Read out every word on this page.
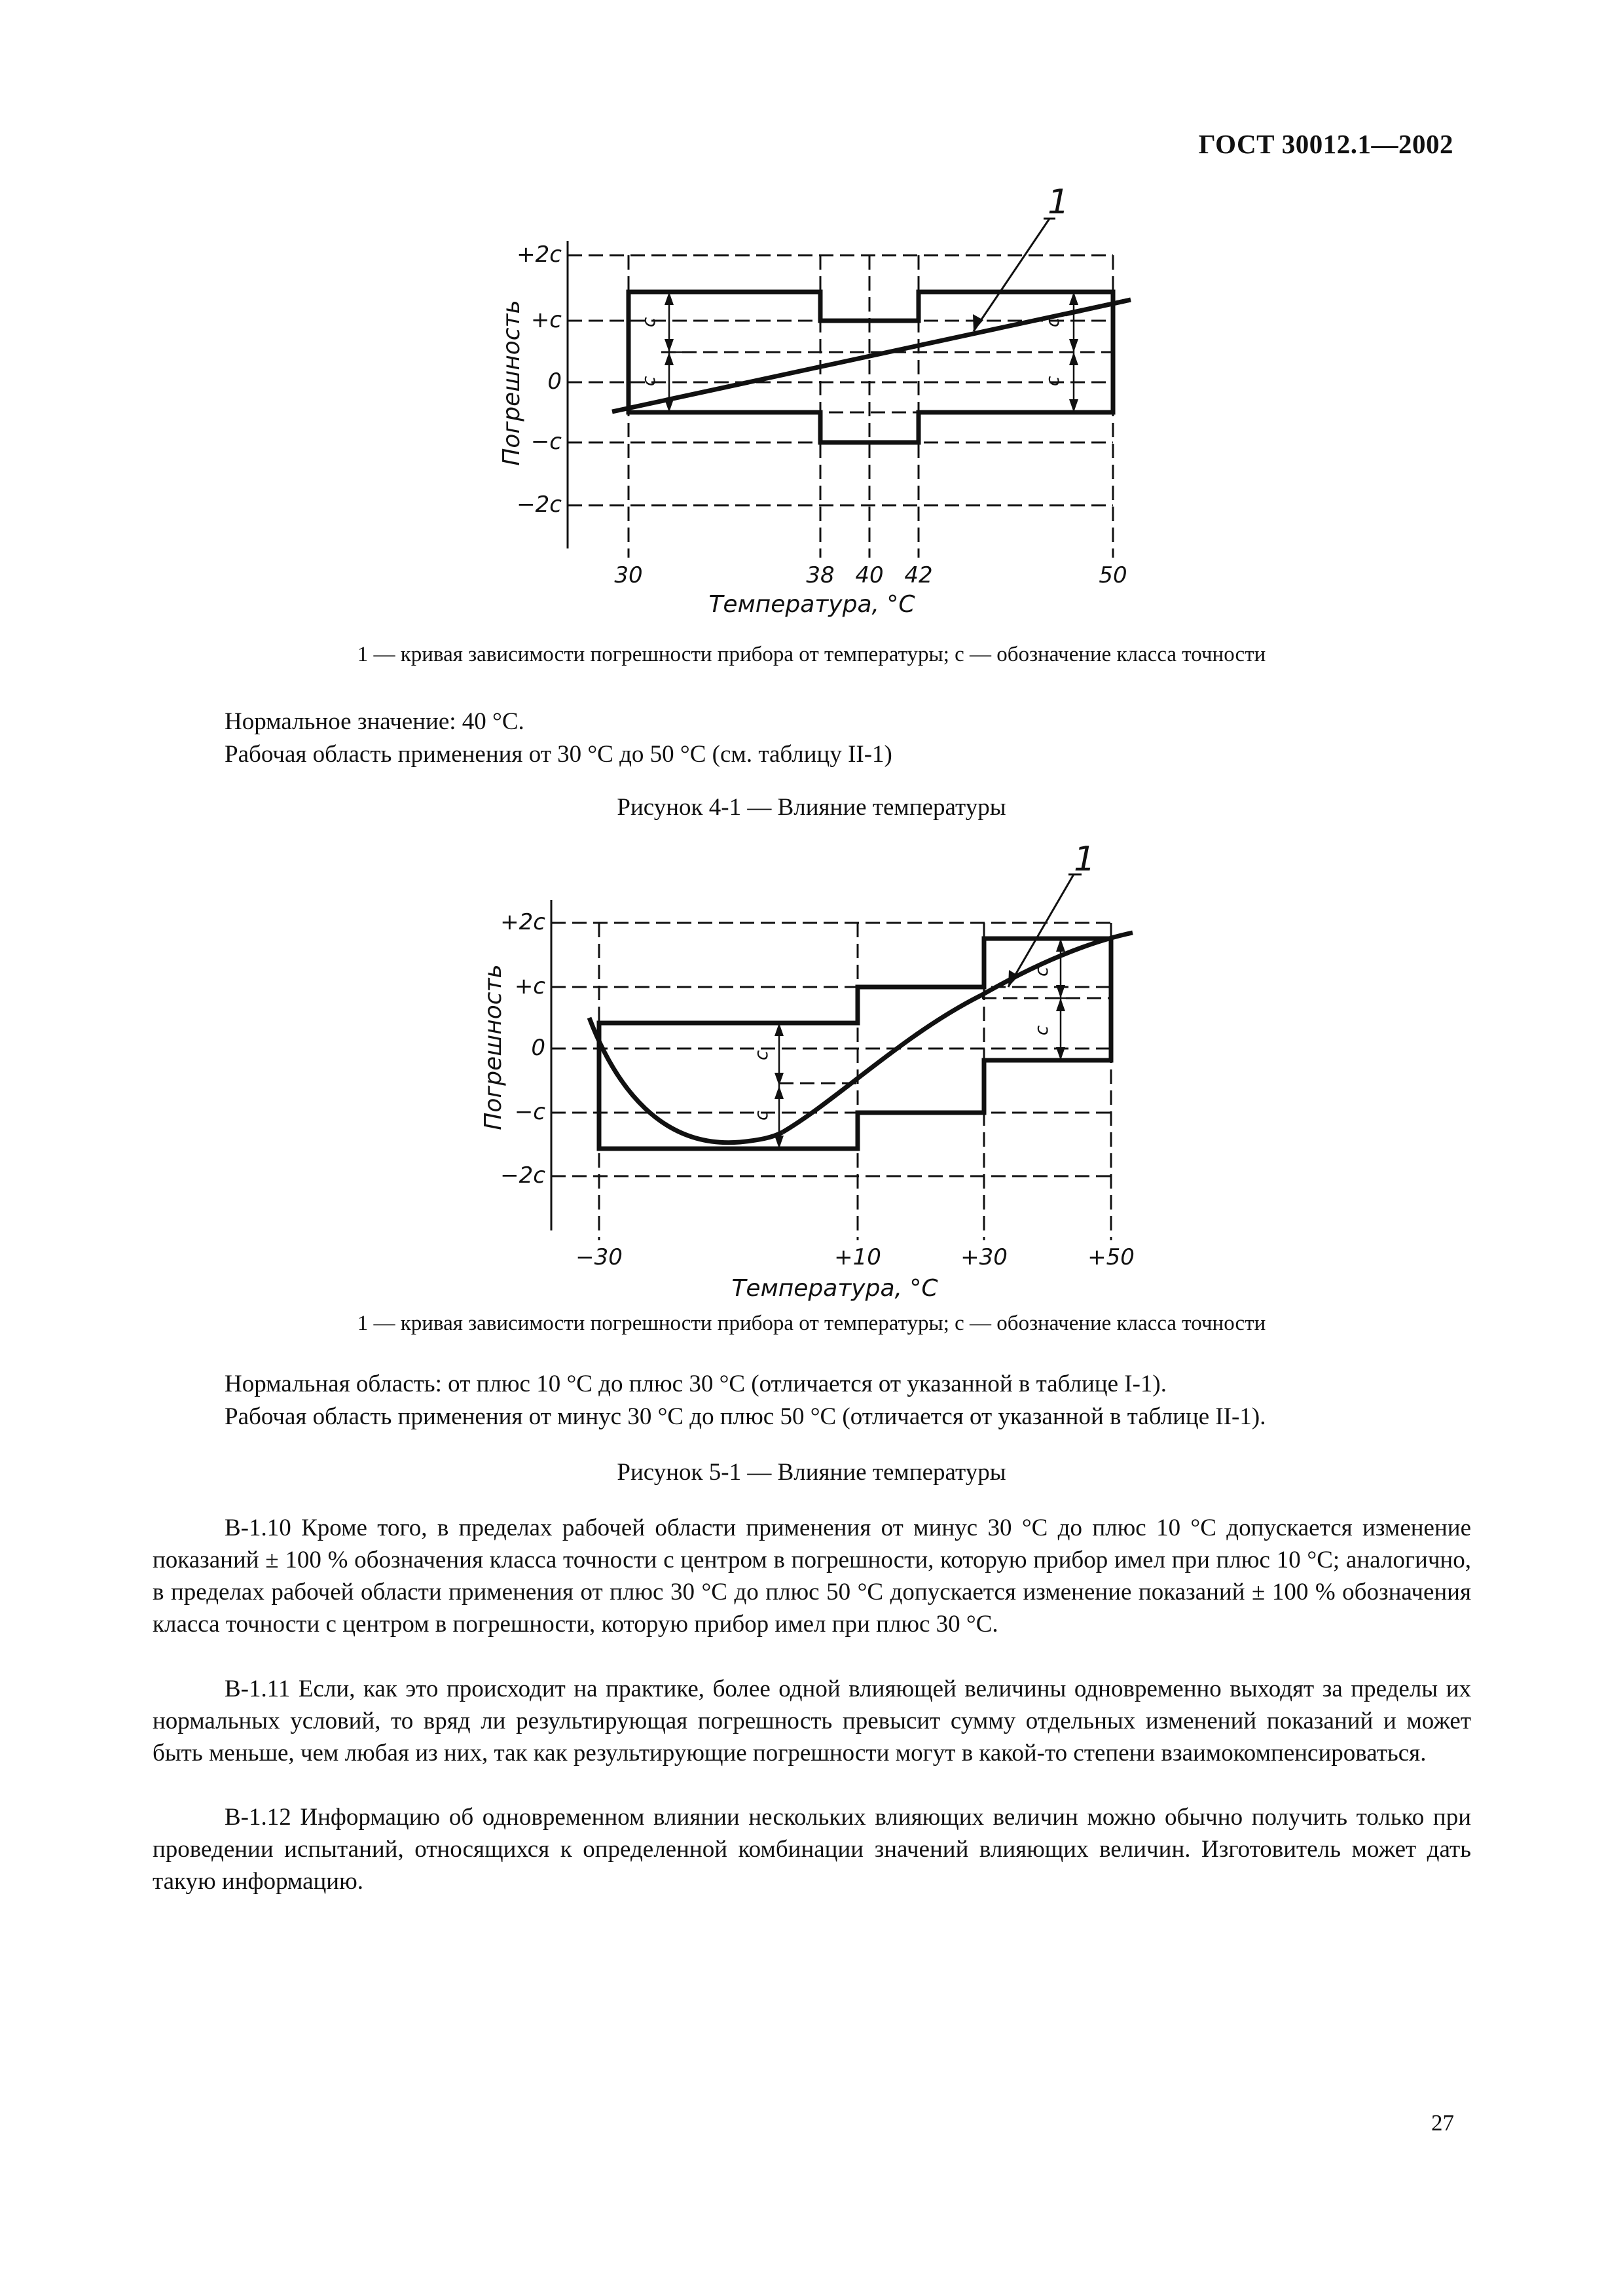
ГОСТ 30012.1—2002
c
c
c
c
+2c
+c
0
−c
−2c
30	38 40 42	50
Температура, °С
Погрешность
1
1 — кривая зависимости погрешности прибора от температуры; c — обозначение класса точности
Нормальное значение: 40 °С.
Рабочая область применения от 30 °С до 50 °С (см. таблицу II-1)
Рисунок 4-1 — Влияние температуры
c
c
c
c
+2c
+c
0
−c
−2c
−30	+10	+30	+50
Температура, °С
Погрешность
1
1 — кривая зависимости погрешности прибора от температуры; c — обозначение класса точности
Нормальная область: от плюс 10 °С до плюс 30 °С (отличается от указанной в таблице I-1).
Рабочая область применения от минус 30 °С до плюс 50 °С (отличается от указанной в таблице II-1).
Рисунок 5-1 — Влияние температуры
В-1.10 Кроме того, в пределах рабочей области применения от минус 30 °С до плюс 10 °С допускается изменение показаний ± 100 % обозначения класса точности с центром в погрешности, которую прибор имел при плюс 10 °С; аналогично, в пределах рабочей области применения от плюс 30 °С до плюс 50 °С допускается изменение показаний ± 100 % обозначения класса точности с центром в погрешности, которую прибор имел при плюс 30 °С.
В-1.11 Если, как это происходит на практике, более одной влияющей величины одновременно выходят за пределы их нормальных условий, то вряд ли результирующая погрешность превысит сумму отдельных изменений показаний и может быть меньше, чем любая из них, так как результирующие погрешности могут в какой-то степени взаимокомпенсироваться.
В-1.12 Информацию об одновременном влиянии нескольких влияющих величин можно обычно получить только при проведении испытаний, относящихся к определенной комбинации значений влияющих величин. Изготовитель может дать такую информацию.
27
